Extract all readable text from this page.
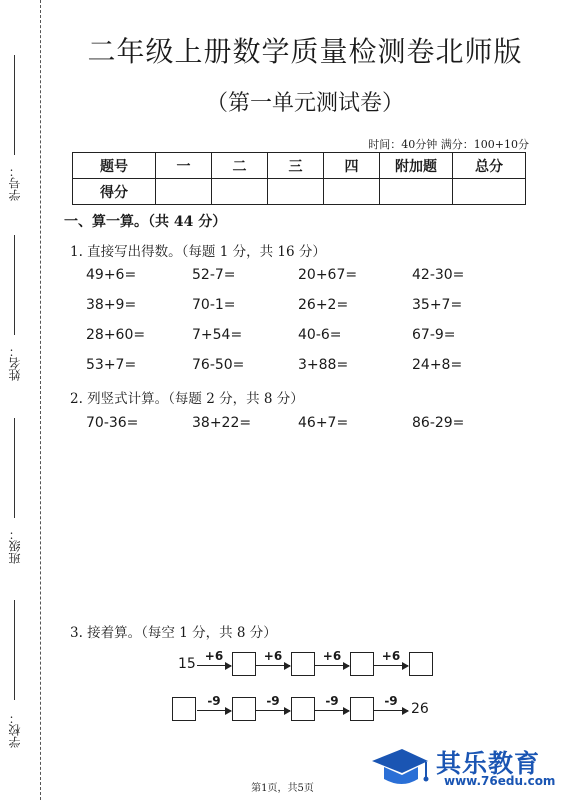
学号：
姓名：
班级：
学校：
二年级上册数学质量检测卷北师版
（第一单元测试卷）
时间：40分钟 满分：100+10分
题号	一	二	三	四	附加题	总分
得分						
一、算一算。（共 44 分）
1. 直接写出得数。（每题 1 分，共 16 分）
49+6=	52-7=	20+67=	42-30=
38+9=	70-1=	26+2=	35+7=
28+60=	7+54=	40-6=	67-9=
53+7=	76-50=	3+88=	24+8=
2. 列竖式计算。（每题 2 分，共 8 分）
70-36=	38+22=	46+7=	86-29=
3. 接着算。（每空 1 分，共 8 分）
15 +6	+6	+6	+6
-9	-9	-9	-9 26
其乐教育
www.76edu.com
第1页，共5页
